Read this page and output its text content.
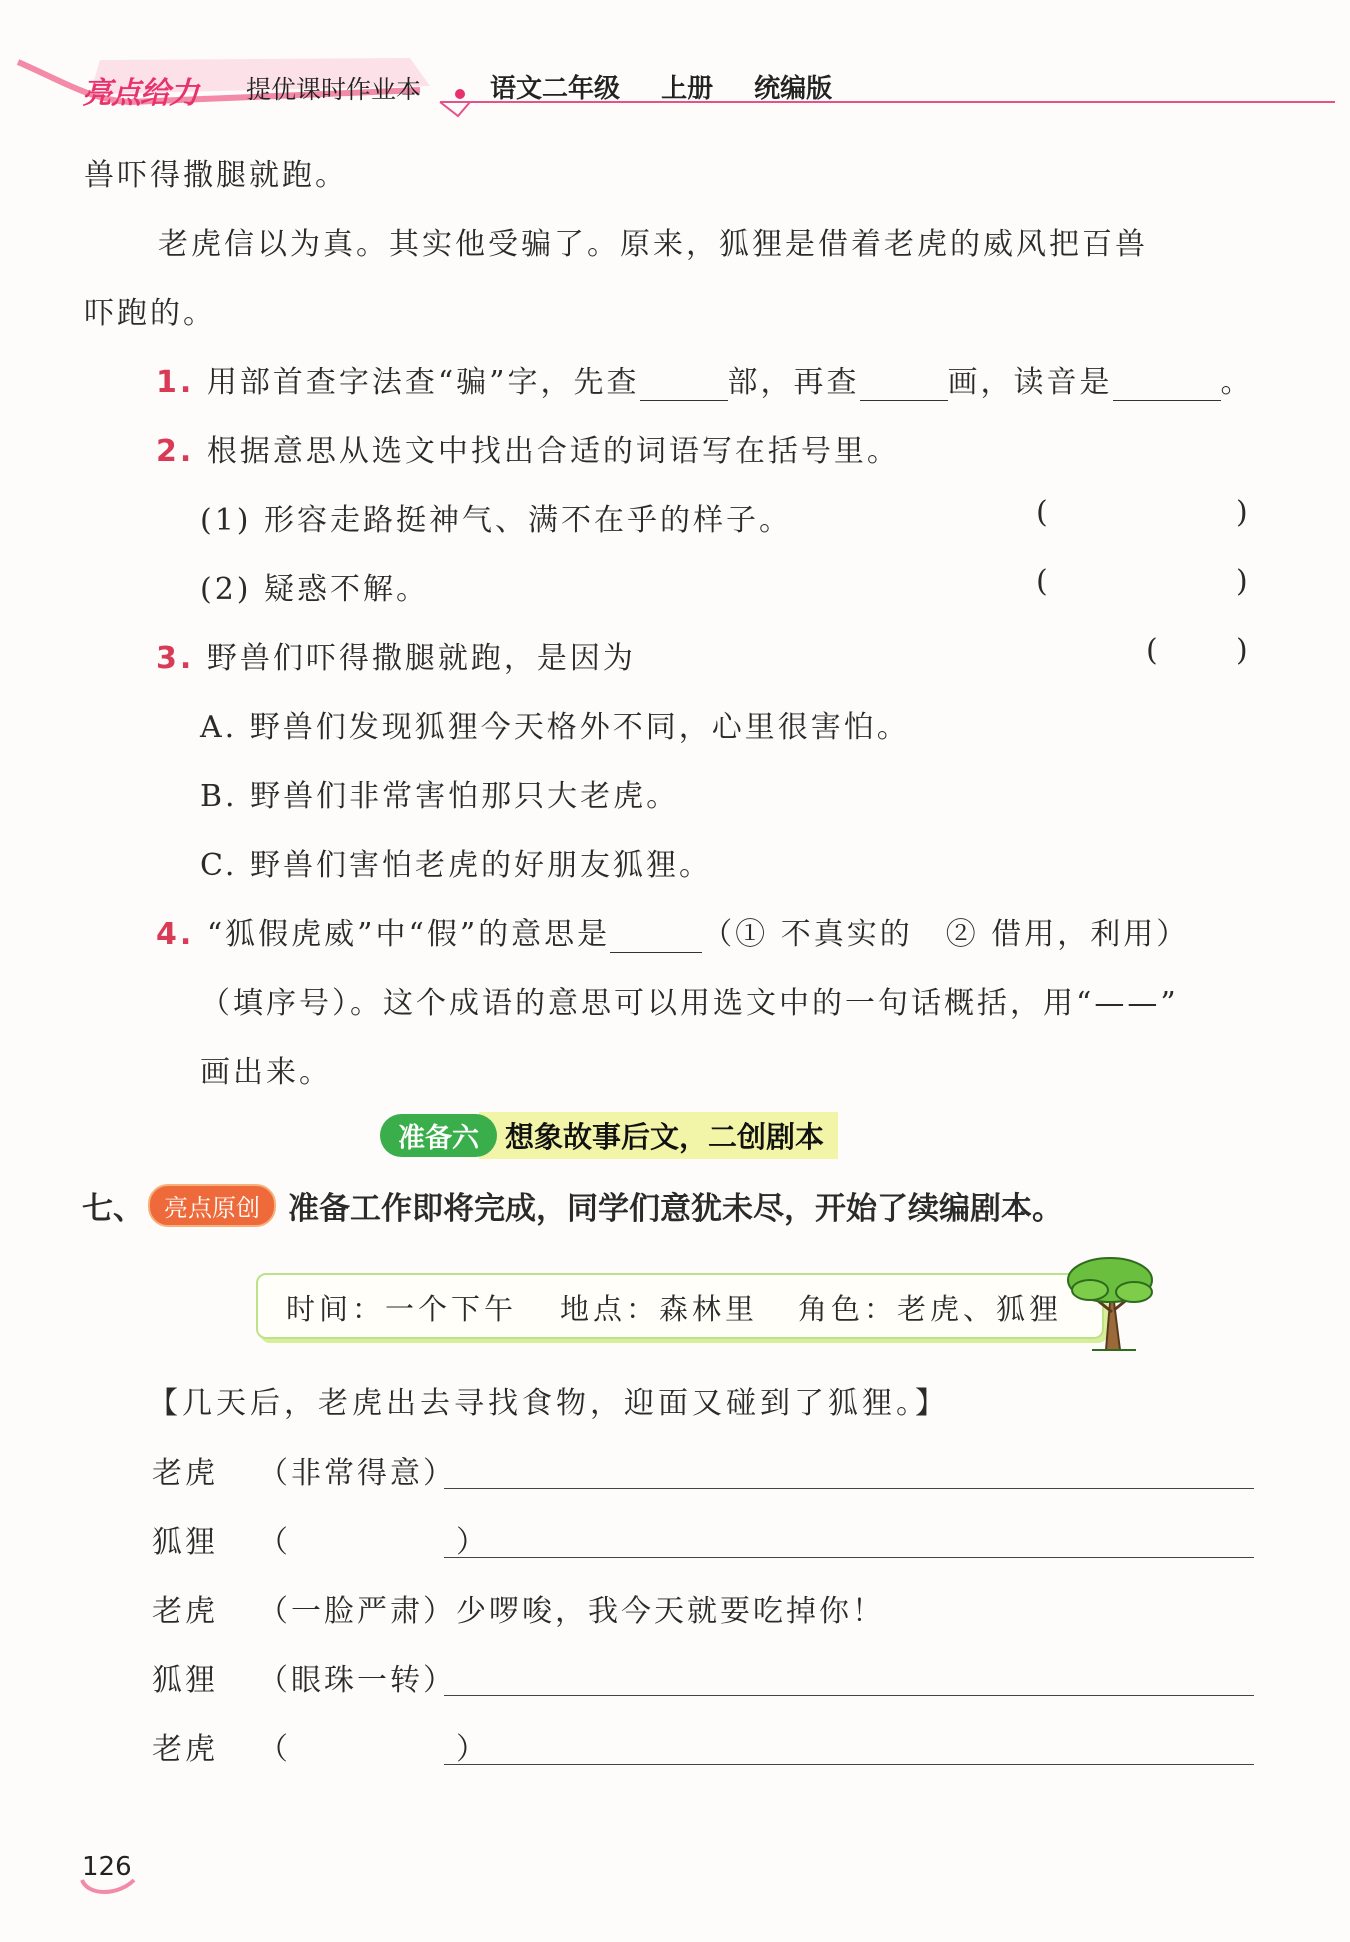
亮点给力 提优课时作业本	语文二年级 上册 统编版
兽吓得撒腿就跑。
老虎信以为真。其实他受骗了。原来，狐狸是借着老虎的威风把百兽
吓跑的。
1. 用部首查字法查“骗”字，先查	部，再查	画，读音是	。
2. 根据意思从选文中找出合适的词语写在括号里。
(1) 形容走路挺神气、满不在乎的样子。	(	)
(2) 疑惑不解。	(	)
3. 野兽们吓得撒腿就跑，是因为	(	)
A. 野兽们发现狐狸今天格外不同，心里很害怕。
B. 野兽们非常害怕那只大老虎。
C. 野兽们害怕老虎的好朋友狐狸。
4. “狐假虎威”中“假”的意思是	（① 不真实的　② 借用，利用）
（填序号）。这个成语的意思可以用选文中的一句话概括，用“——”
画出来。
准备六 想象故事后文，二创剧本
七、 亮点原创 准备工作即将完成，同学们意犹未尽，开始了续编剧本。
时间：一个下午 地点：森林里 角色：老虎、狐狸
【几天后，老虎出去寻找食物，迎面又碰到了狐狸。】
老虎 （非常得意）
狐狸 （　　　　　）
老虎 （一脸严肃）少啰唆，我今天就要吃掉你！
狐狸 （眼珠一转）
老虎 （　　　　　）
126
